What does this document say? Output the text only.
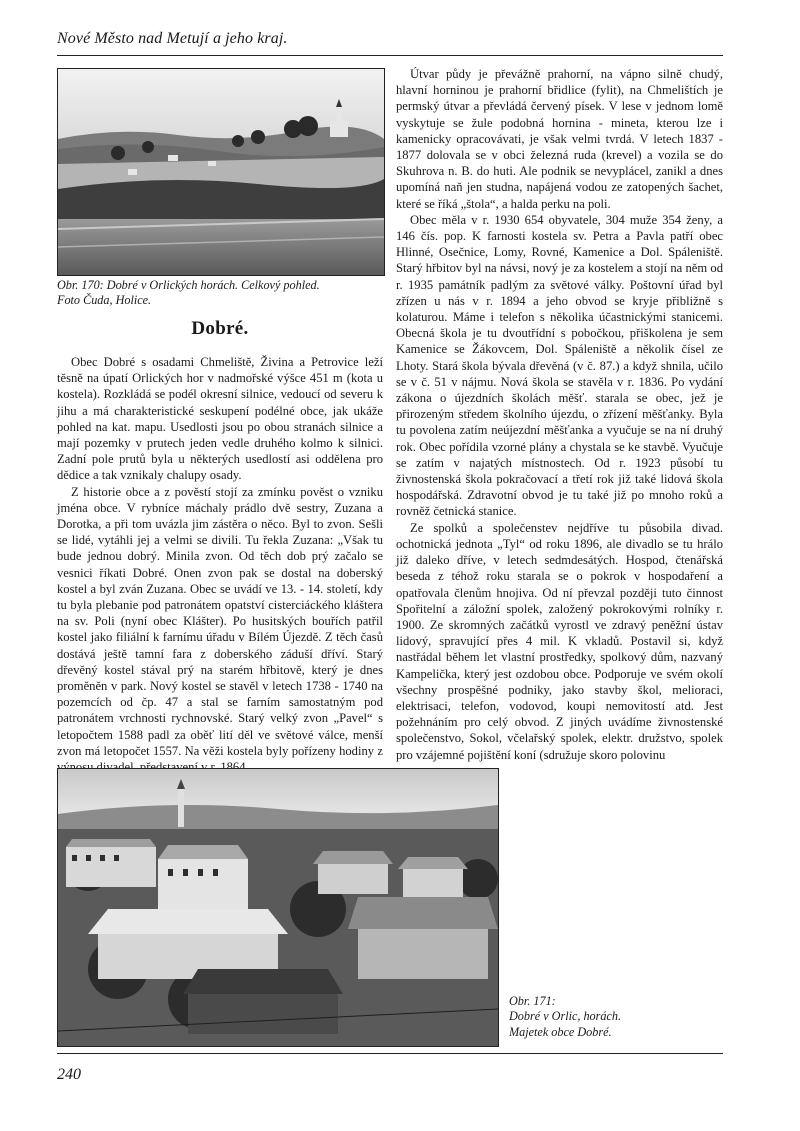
Nové Město nad Metují a jeho kraj.
Obr. 170: Dobré v Orlických horách. Celkový pohled.
Foto Čuda, Holice.
Dobré.

Obec Dobré s osadami Chmeliště, Živina a Petrovice leží těsně na úpatí Orlických hor v nadmořské výšce 451 m (kota u kostela). Rozkládá se podél okresní silnice, vedoucí od severu k jihu a má charakteristické seskupení podélné obce, jak ukáže pohled na kat. mapu. Usedlosti jsou po obou stranách silnice a mají pozemky v prutech jeden vedle druhého kolmo k silnici. Zadní pole prutů byla u některých usedlostí asi oddělena pro dědice a tak vznikaly chalupy osady.

Z historie obce a z pověstí stojí za zmínku pověst o vzniku jména obce. V rybníce máchaly prádlo dvě sestry, Zuzana a Dorotka, a při tom uvázla jim zástěra o něco. Byl to zvon. Sešli se lidé, vytáhli jej a velmi se divili. Tu řekla Zuzana: „Však tu bude jednou dobrý. Minila zvon. Od těch dob prý začalo se vesnici říkati Dobré. Onen zvon pak se dostal na doberský kostel a byl zván Zuzana. Obec se uvádí ve 13. - 14. století, kdy tu byla plebanie pod patronátem opatství cisterciáckého kláštera na sv. Poli (nyní obec Klášter). Po husitských bouřích patřil kostel jako filiální k farnímu úřadu v Bílém Újezdě. Z těch časů dostává ještě tamní fara z doberského záduší dříví. Starý dřevěný kostel stával prý na starém hřbitově, který je dnes proměněn v park. Nový kostel se stavěl v letech 1738 - 1740 na pozemcích od čp. 47 a stal se farním samostatným pod patronátem vrchnosti rychnovské. Starý velký zvon „Pavel“ s letopočtem 1588 padl za oběť lití děl ve světové válce, menší zvon má letopočet 1557. Na věži kostela byly pořízeny hodiny z

Útvar půdy je převážně prahorní, na vápno silně chudý, hlavní horninou je prahorní břidlice (fylit), na Chmelištích je permský útvar a převládá červený písek. V lese v jednom lomě vyskytuje se žule podobná hornina - mineta, kterou lze i kamenicky opracovávati, je však velmi tvrdá. V letech 1837 - 1877 dolovala se v obci železná ruda (krevel) a vozila se do Skuhrova n. B. do huti. Ale podnik se nevyplácel, zanikl a dnes upomíná naň jen studna, napájená vodou ze zatopených šachet, které se říká „štola“, a halda perku na poli.

Obec měla v r. 1930 654 obyvatele, 304 muže 354 ženy, a 146 čís. pop. K farnosti kostela sv. Petra a Pavla patří obec Hlinné, Osečnice, Lomy, Rovné, Kamenice a Dol. Spáleniště. Starý hřbitov byl na návsi, nový je za kostelem a stojí na něm od r. 1935 památník padlým za světové války. Poštovní úřad byl zřízen u nás v r. 1894 a jeho obvod se kryje přibližně s kolaturou. Máme i telefon s několika účastnickými stanicemi. Obecná škola je tu dvoutřídní s pobočkou, přiškolena je sem Kamenice se Žákovcem, Dol. Spáleniště a několik čísel ze Lhoty. Stará škola bývala dřevěná (v č. 87.) a když shnila, učilo se v č. 51 v nájmu. Nová škola se stavěla v r. 1836. Po vydání zákona o újezdních školách měšť. starala se obec, jež je přirozeným středem školního újezdu, o zřízení měšťanky. Byla tu povolena zatím neújezdní měšťanka a vyučuje se na ní druhý rok. Obec pořídila vzorné plány a chystala se ke stavbě. Vyučuje se zatím v najatých místnostech. Od r. 1923 působí tu živnostenská škola pokračovací a třetí rok již také lidová škola hospodářská. Zdravotní obvod je tu také již po mnoho roků a rovněž četnická stanice.

Ze spolků a společenstev nejdříve tu působila divad. ochotnická jednota „Tyl“ od roku 1896, ale divadlo se tu hrálo již daleko dříve, v letech sedmdesátých. Hospod, čtenářská beseda z téhož roku starala se o pokrok v hospodaření a opatřovala členům hnojiva. Od ní převzal později tuto činnost Spořitelní a záložní spolek, založený pokrokovými rolníky r. 1900. Ze skromných začátků vyrostl ve zdravý peněžní ústav lidový, spravující přes 4 mil. K vkladů. Postavil si, když nastřádal během let vlastní prostředky, spolkový dům, nazvaný Kampelička, který jest ozdobou obce. Podporuje ve svém okolí všechny prospěšné podniky, jako stavby škol, melioraci, elektrisaci, telefon, vodovod, koupi nemovitostí atd. Jest požehnáním pro celý obvod. Z jiných uvádíme živnostenské společenstvo, Sokol, včelařský spolek, elektr. družstvo, spolek pro vzájemné pojištění koní (sdružuje skoro polovinu

Obr. 171:
Dobré v Orlic, horách.
Majetek obce Dobré.
240
